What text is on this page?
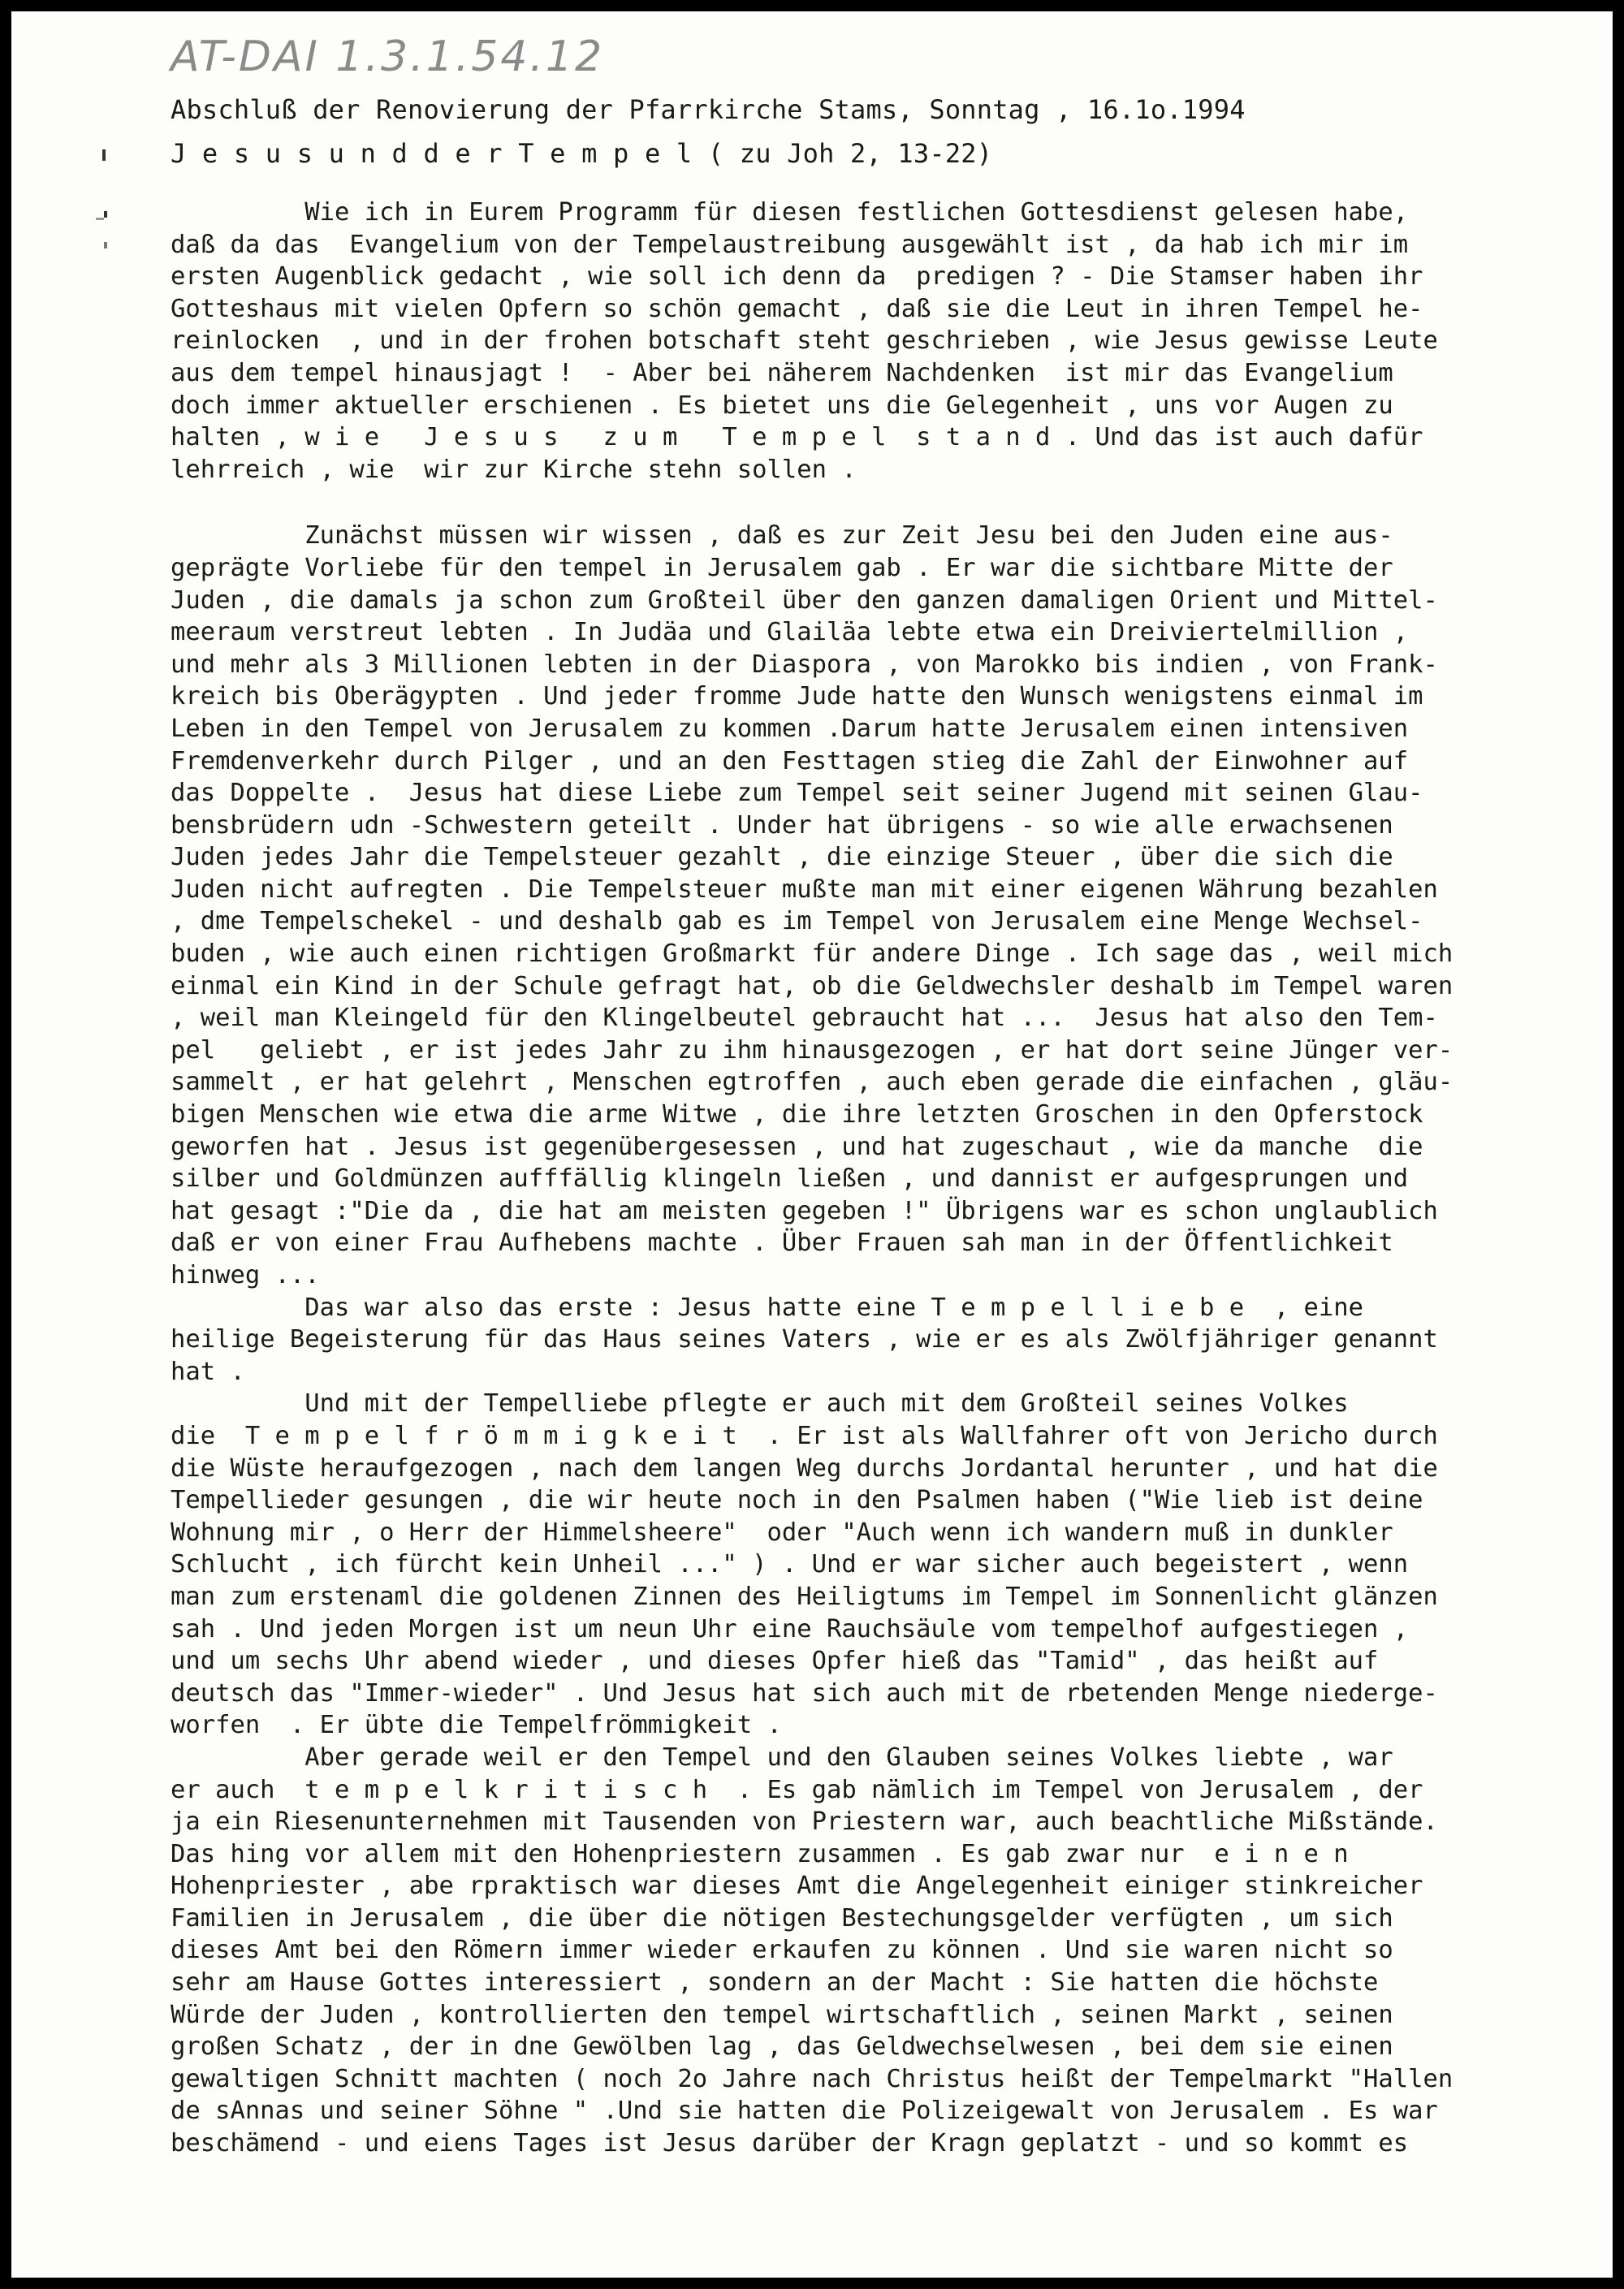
AT-DAI 1.3.1.54.12
Abschluß der Renovierung der Pfarrkirche Stams, Sonntag , 16.1o.1994
J e s u s u n d d e r T e m p e l ( zu Joh 2, 13-22)
Wie ich in Eurem Programm für diesen festlichen Gottesdienst gelesen habe,
daß da das  Evangelium von der Tempelaustreibung ausgewählt ist , da hab ich mir im
ersten Augenblick gedacht , wie soll ich denn da  predigen ? - Die Stamser haben ihr
Gotteshaus mit vielen Opfern so schön gemacht , daß sie die Leut in ihren Tempel he-
reinlocken  , und in der frohen botschaft steht geschrieben , wie Jesus gewisse Leute
aus dem tempel hinausjagt !  - Aber bei näherem Nachdenken  ist mir das Evangelium
doch immer aktueller erschienen . Es bietet uns die Gelegenheit , uns vor Augen zu
halten , w i e   J e s u s   z u m   T e m p e l  s t a n d . Und das ist auch dafür
lehrreich , wie  wir zur Kirche stehn sollen .
Zunächst müssen wir wissen , daß es zur Zeit Jesu bei den Juden eine aus-
geprägte Vorliebe für den tempel in Jerusalem gab . Er war die sichtbare Mitte der
Juden , die damals ja schon zum Großteil über den ganzen damaligen Orient und Mittel-
meeraum verstreut lebten . In Judäa und Glailäa lebte etwa ein Dreiviertelmillion ,
und mehr als 3 Millionen lebten in der Diaspora , von Marokko bis indien , von Frank-
kreich bis Oberägypten . Und jeder fromme Jude hatte den Wunsch wenigstens einmal im
Leben in den Tempel von Jerusalem zu kommen .Darum hatte Jerusalem einen intensiven
Fremdenverkehr durch Pilger , und an den Festtagen stieg die Zahl der Einwohner auf
das Doppelte .  Jesus hat diese Liebe zum Tempel seit seiner Jugend mit seinen Glau-
bensbrüdern udn -Schwestern geteilt . Under hat übrigens - so wie alle erwachsenen
Juden jedes Jahr die Tempelsteuer gezahlt , die einzige Steuer , über die sich die
Juden nicht aufregten . Die Tempelsteuer mußte man mit einer eigenen Währung bezahlen
, dme Tempelschekel - und deshalb gab es im Tempel von Jerusalem eine Menge Wechsel-
buden , wie auch einen richtigen Großmarkt für andere Dinge . Ich sage das , weil mich
einmal ein Kind in der Schule gefragt hat, ob die Geldwechsler deshalb im Tempel waren
, weil man Kleingeld für den Klingelbeutel gebraucht hat ...  Jesus hat also den Tem-
pel   geliebt , er ist jedes Jahr zu ihm hinausgezogen , er hat dort seine Jünger ver-
sammelt , er hat gelehrt , Menschen egtroffen , auch eben gerade die einfachen , gläu-
bigen Menschen wie etwa die arme Witwe , die ihre letzten Groschen in den Opferstock
geworfen hat . Jesus ist gegenübergesessen , und hat zugeschaut , wie da manche  die
silber und Goldmünzen aufffällig klingeln ließen , und dannist er aufgesprungen und
hat gesagt :"Die da , die hat am meisten gegeben !" Übrigens war es schon unglaublich
daß er von einer Frau Aufhebens machte . Über Frauen sah man in der Öffentlichkeit
hinweg ...
Das war also das erste : Jesus hatte eine T e m p e l l i e b e  , eine
heilige Begeisterung für das Haus seines Vaters , wie er es als Zwölfjähriger genannt
hat .
Und mit der Tempelliebe pflegte er auch mit dem Großteil seines Volkes
die  T e m p e l f r ö m m i g k e i t  . Er ist als Wallfahrer oft von Jericho durch
die Wüste heraufgezogen , nach dem langen Weg durchs Jordantal herunter , und hat die
Tempellieder gesungen , die wir heute noch in den Psalmen haben ("Wie lieb ist deine
Wohnung mir , o Herr der Himmelsheere"  oder "Auch wenn ich wandern muß in dunkler
Schlucht , ich fürcht kein Unheil ..." ) . Und er war sicher auch begeistert , wenn
man zum erstenaml die goldenen Zinnen des Heiligtums im Tempel im Sonnenlicht glänzen
sah . Und jeden Morgen ist um neun Uhr eine Rauchsäule vom tempelhof aufgestiegen ,
und um sechs Uhr abend wieder , und dieses Opfer hieß das "Tamid" , das heißt auf
deutsch das "Immer-wieder" . Und Jesus hat sich auch mit de rbetenden Menge niederge-
worfen  . Er übte die Tempelfrömmigkeit .
Aber gerade weil er den Tempel und den Glauben seines Volkes liebte , war
er auch  t e m p e l k r i t i s c h  . Es gab nämlich im Tempel von Jerusalem , der
ja ein Riesenunternehmen mit Tausenden von Priestern war, auch beachtliche Mißstände.
Das hing vor allem mit den Hohenpriestern zusammen . Es gab zwar nur  e i n e n
Hohenpriester , abe rpraktisch war dieses Amt die Angelegenheit einiger stinkreicher
Familien in Jerusalem , die über die nötigen Bestechungsgelder verfügten , um sich
dieses Amt bei den Römern immer wieder erkaufen zu können . Und sie waren nicht so
sehr am Hause Gottes interessiert , sondern an der Macht : Sie hatten die höchste
Würde der Juden , kontrollierten den tempel wirtschaftlich , seinen Markt , seinen
großen Schatz , der in dne Gewölben lag , das Geldwechselwesen , bei dem sie einen
gewaltigen Schnitt machten ( noch 2o Jahre nach Christus heißt der Tempelmarkt "Hallen
de sAnnas und seiner Söhne " .Und sie hatten die Polizeigewalt von Jerusalem . Es war
beschämend - und eiens Tages ist Jesus darüber der Kragn geplatzt - und so kommt es
